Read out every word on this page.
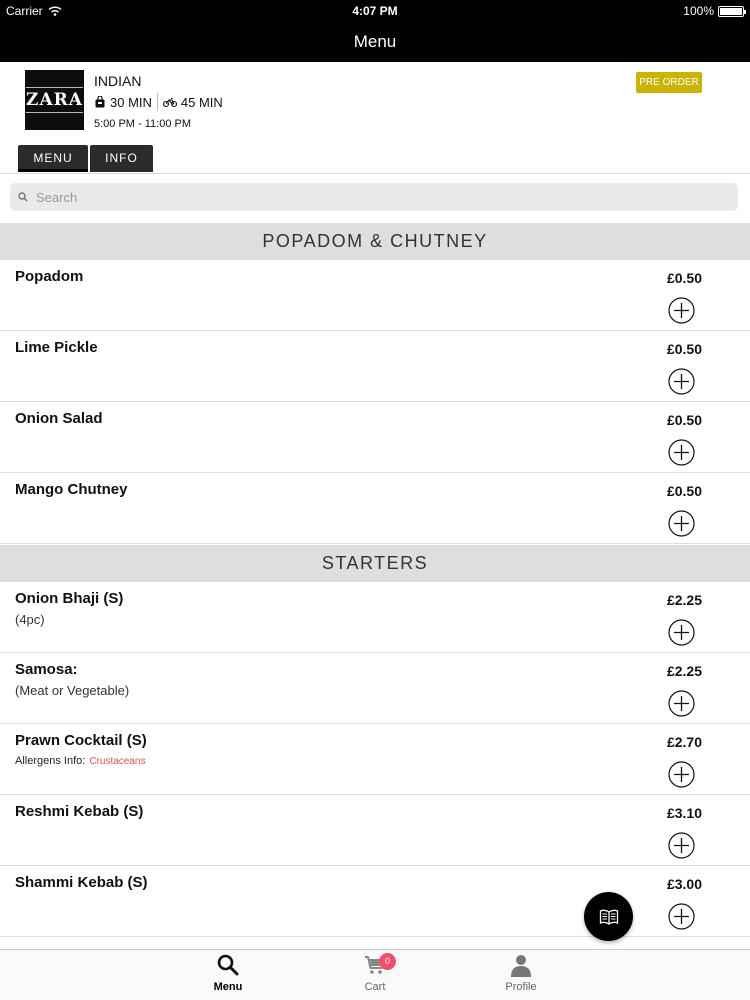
Carrier	4:07 PM	100%
Menu
ZARA
INDIAN
30 MIN 45 MIN
5:00 PM - 11:00 PM
PRE ORDER
MENU	INFO
Search
POPADOM & CHUTNEY
Popadom	£0.50
Lime Pickle	£0.50
Onion Salad	£0.50
Mango Chutney	£0.50
STARTERS
Onion Bhaji (S)
(4pc)
£2.25
Samosa:
(Meat or Vegetable)
£2.25
Prawn Cocktail (S)
Allergens Info: Crustaceans
£2.70
Reshmi Kebab (S)	£3.10
Shammi Kebab (S)	£3.00
Menu
0
Cart	Profile
